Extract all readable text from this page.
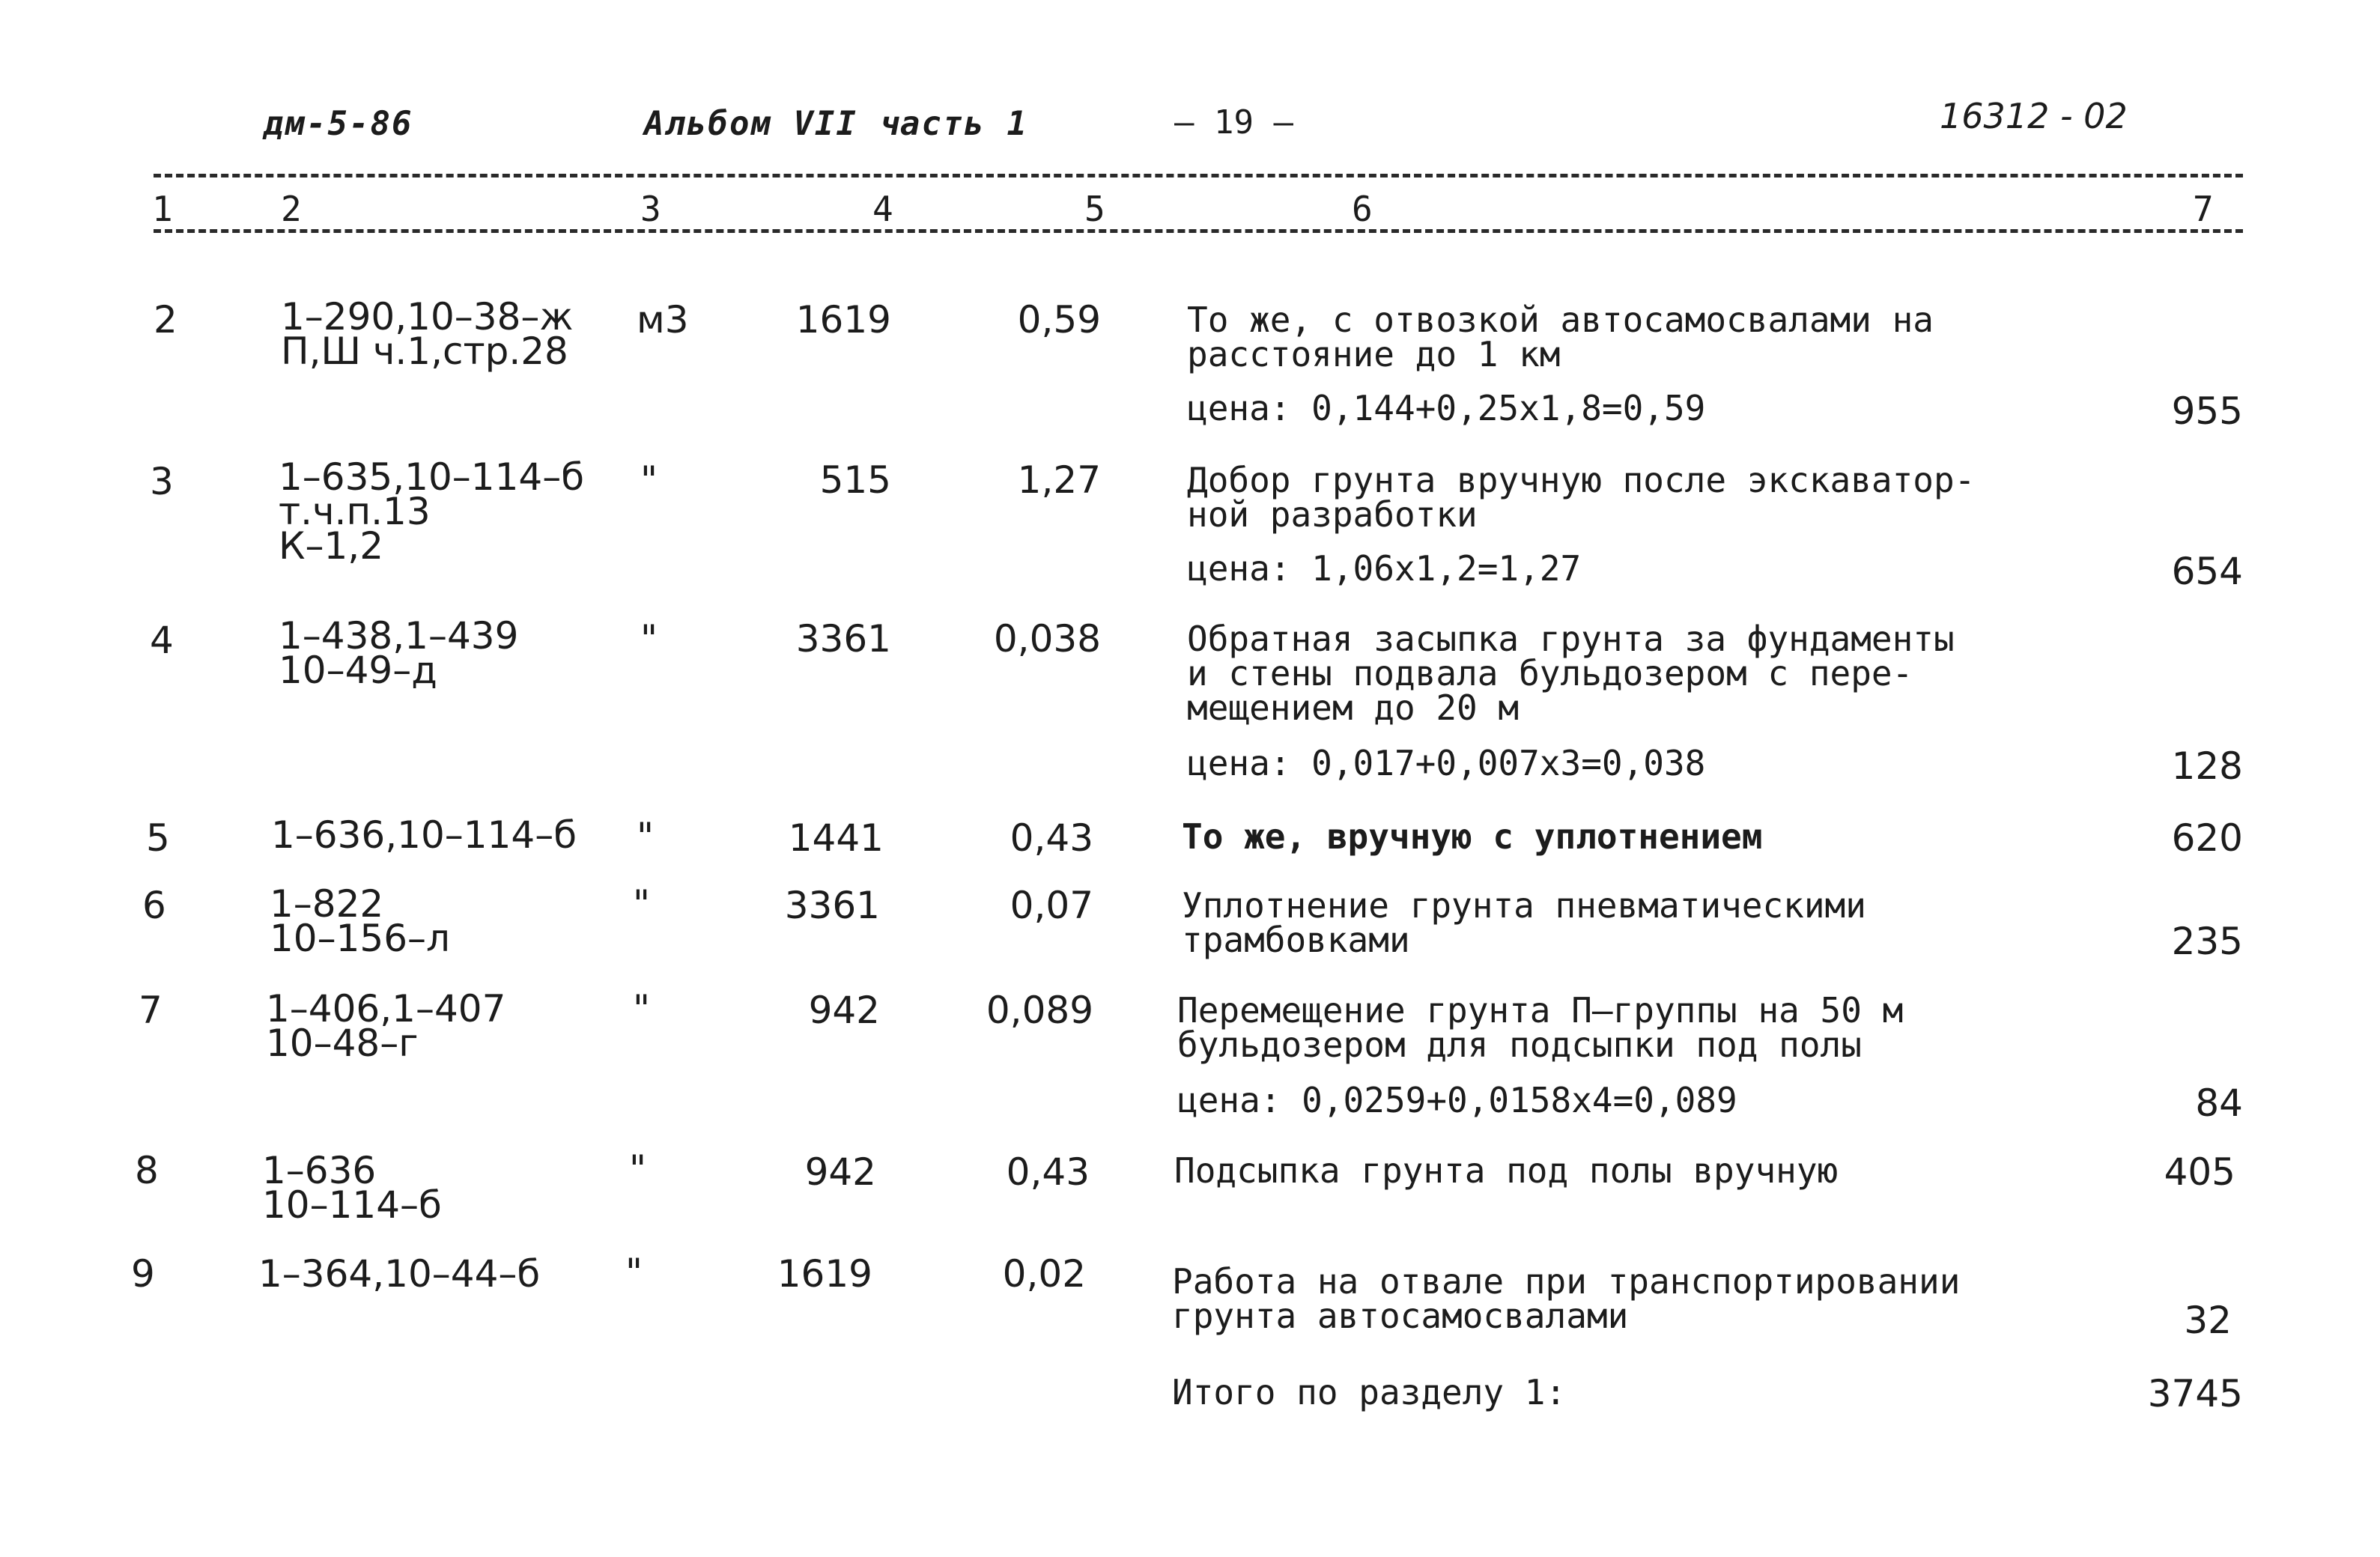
дм-5-86	Альбом VII часть 1	– 19 –	16312 - 02
1	2	3	4	5	6	7
2	1–290,10–38–ж
П,Ш ч.1,стр.28
м3	1619	0,59	То же, с отвозкой автосамосвалами на
расстояние до 1 км
цена: 0,144+0,25x1,8=0,59	955
3	1–635,10–114–б
т.ч.п.13
К–1,2
"	515	1,27	Добор грунта вручную после экскаватор-
ной разработки
цена: 1,06x1,2=1,27	654
4	1–438,1–439
10–49–д
"	3361	0,038	Обратная засыпка грунта за фундаменты
и стены подвала бульдозером с пере-
мещением до 20 м
цена: 0,017+0,007x3=0,038	128
5	1–636,10–114–б "	1441	0,43	То же, вручную с уплотнением	620
6	1–822
10–156–л
"	3361	0,07	Уплотнение грунта пневматическими
трамбовками	235
7	1–406,1–407
10–48–г
"	942	0,089 Перемещение грунта П–группы на 50 м
бульдозером для подсыпки под полы
цена: 0,0259+0,0158x4=0,089	84
8	1–636
10–114–б
"	942	0,43 Подсыпка грунта под полы вручную	405
9	1–364,10–44–б "	1619	0,02	Работа на отвале при транспортировании
грунта автосамосвалами	32
Итого по разделу 1:	3745
